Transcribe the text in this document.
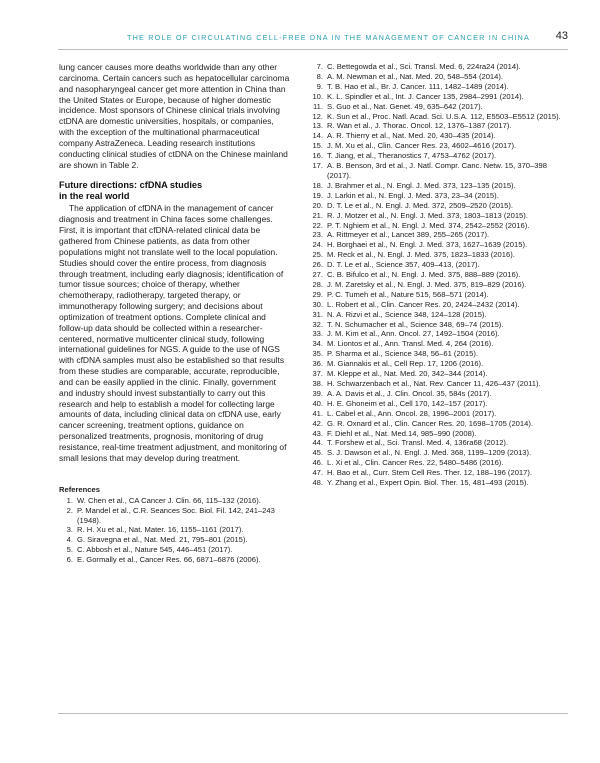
THE ROLE OF CIRCULATING CELL-FREE DNA IN THE MANAGEMENT OF CANCER IN CHINA 43

lung cancer causes more deaths worldwide than any other carcinoma. Certain cancers such as hepatocellular carcinoma and nasopharyngeal cancer get more attention in China than the United States or Europe, because of higher domestic incidence. Most sponsors of Chinese clinical trials involving ctDNA are domestic universities, hospitals, or companies, with the exception of the multinational pharmaceutical company AstraZeneca. Leading research institutions conducting clinical studies of ctDNA on the Chinese mainland are shown in Table 2.

Future directions: cfDNA studies
in the real world

The application of cfDNA in the management of cancer diagnosis and treatment in China faces some challenges. First, it is important that cfDNA-related clinical data be gathered from Chinese patients, as data from other populations might not translate well to the local population. Studies should cover the entire process, from diagnosis through treatment, including early diagnosis; identification of tumor tissue sources; choice of therapy, whether chemotherapy, radiotherapy, targeted therapy, or immunotherapy following surgery; and decisions about optimization of treatment options. Complete clinical and follow-up data should be collected within a researcher-centered, normative multicenter clinical study, following international guidelines for NGS. A guide to the use of NGS with cfDNA samples must also be established so that results from these studies are comparable, accurate, reproducible, and can be easily applied in the clinic. Finally, government and industry should invest substantially to carry out this research and help to establish a model for collecting large amounts of data, including clinical data on cfDNA use, early cancer screening, treatment options, guidance on personalized treatments, prognosis, monitoring of drug resistance, real-time treatment adjustment, and monitoring of small lesions that may develop during treatment.

References
1. W. Chen et al., CA Cancer J. Clin. 66, 115–132 (2016).
2. P. Mandel et al., C.R. Seances Soc. Biol. Fil. 142, 241–243 (1948).
3. R. H. Xu et al., Nat. Mater. 16, 1155–1161 (2017).
4. G. Siravegna et al., Nat. Med. 21, 795–801 (2015).
5. C. Abbosh et al., Nature 545, 446–451 (2017).
6. E. Gormally et al., Cancer Res. 66, 6871–6876 (2006).
7. C. Bettegowda et al., Sci. Transl. Med. 6, 224ra24 (2014).
8. A. M. Newman et al., Nat. Med. 20, 548–554 (2014).
9. T. B. Hao et al., Br. J. Cancer. 111, 1482–1489 (2014).
10. K. L. Spindler et al., Int. J. Cancer 135, 2984–2991 (2014).
11. S. Guo et al., Nat. Genet. 49, 635–642 (2017).
12. K. Sun et al., Proc. Natl. Acad. Sci. U.S.A. 112, E5503–E5512 (2015).
13. R. Wan et al., J. Thorac. Oncol. 12, 1376–1387 (2017).
14. A. R. Thierry et al., Nat. Med. 20, 430–435 (2014).
15. J. M. Xu et al., Clin. Cancer Res. 23, 4602–4616 (2017).
16. T. Jiang, et al., Theranostics 7, 4753–4762 (2017).
17. A. B. Benson, 3rd et al., J. Natl. Compr. Canc. Netw. 15, 370–398 (2017).
18. J. Brahmer et al., N. Engl. J. Med. 373, 123–135 (2015).
19. J. Larkin et al., N. Engl. J. Med. 373, 23–34 (2015).
20. D. T. Le et al., N. Engl. J. Med. 372, 2509–2520 (2015).
21. R. J. Motzer et al., N. Engl. J. Med. 373, 1803–1813 (2015).
22. P. T. Nghiem et al., N. Engl. J. Med. 374, 2542–2552 (2016).
23. A. Rittmeyer et al., Lancet 389, 255–265 (2017).
24. H. Borghaei et al., N. Engl. J. Med. 373, 1627–1639 (2015).
25. M. Reck et al., N. Engl. J. Med. 375, 1823–1833 (2016).
26. D. T. Le et al., Science 357, 409–413, (2017).
27. C. B. Bifulco et al., N. Engl. J. Med. 375, 888–889 (2016).
28. J. M. Zaretsky et al., N. Engl. J. Med. 375, 819–829 (2016).
29. P. C. Tumeh et al., Nature 515, 568–571 (2014).
30. L. Robert et al., Clin. Cancer Res. 20, 2424–2432 (2014).
31. N. A. Rizvi et al., Science 348, 124–128 (2015).
32. T. N. Schumacher et al., Science 348, 69–74 (2015).
33. J. M. Kim et al., Ann. Oncol. 27, 1492–1504 (2016).
34. M. Liontos et al., Ann. Transl. Med. 4, 264 (2016).
35. P. Sharma et al., Science 348, 56–61 (2015).
36. M. Giannakis et al., Cell Rep. 17, 1206 (2016).
37. M. Kleppe et al., Nat. Med. 20, 342–344 (2014).
38. H. Schwarzenbach et al., Nat. Rev. Cancer 11, 426–437 (2011).
39. A. A. Davis et al., J. Clin. Oncol. 35, 584s (2017).
40. H. E. Ghoneim et al., Cell 170, 142–157 (2017).
41. L. Cabel et al., Ann. Oncol. 28, 1996–2001 (2017).
42. G. R. Oxnard et al., Clin. Cancer Res. 20, 1698–1705 (2014).
43. F. Diehl et al., Nat. Med.14, 985–990 (2008).
44. T. Forshew et al., Sci. Transl. Med. 4, 136ra68 (2012).
45. S. J. Dawson et al., N. Engl. J. Med. 368, 1199–1209 (2013).
46. L. Xi et al., Clin. Cancer Res. 22, 5480–5486 (2016).
47. H. Bao et al., Curr. Stem Cell Res. Ther. 12, 188–196 (2017).
48. Y. Zhang et al., Expert Opin. Biol. Ther. 15, 481–493 (2015).
